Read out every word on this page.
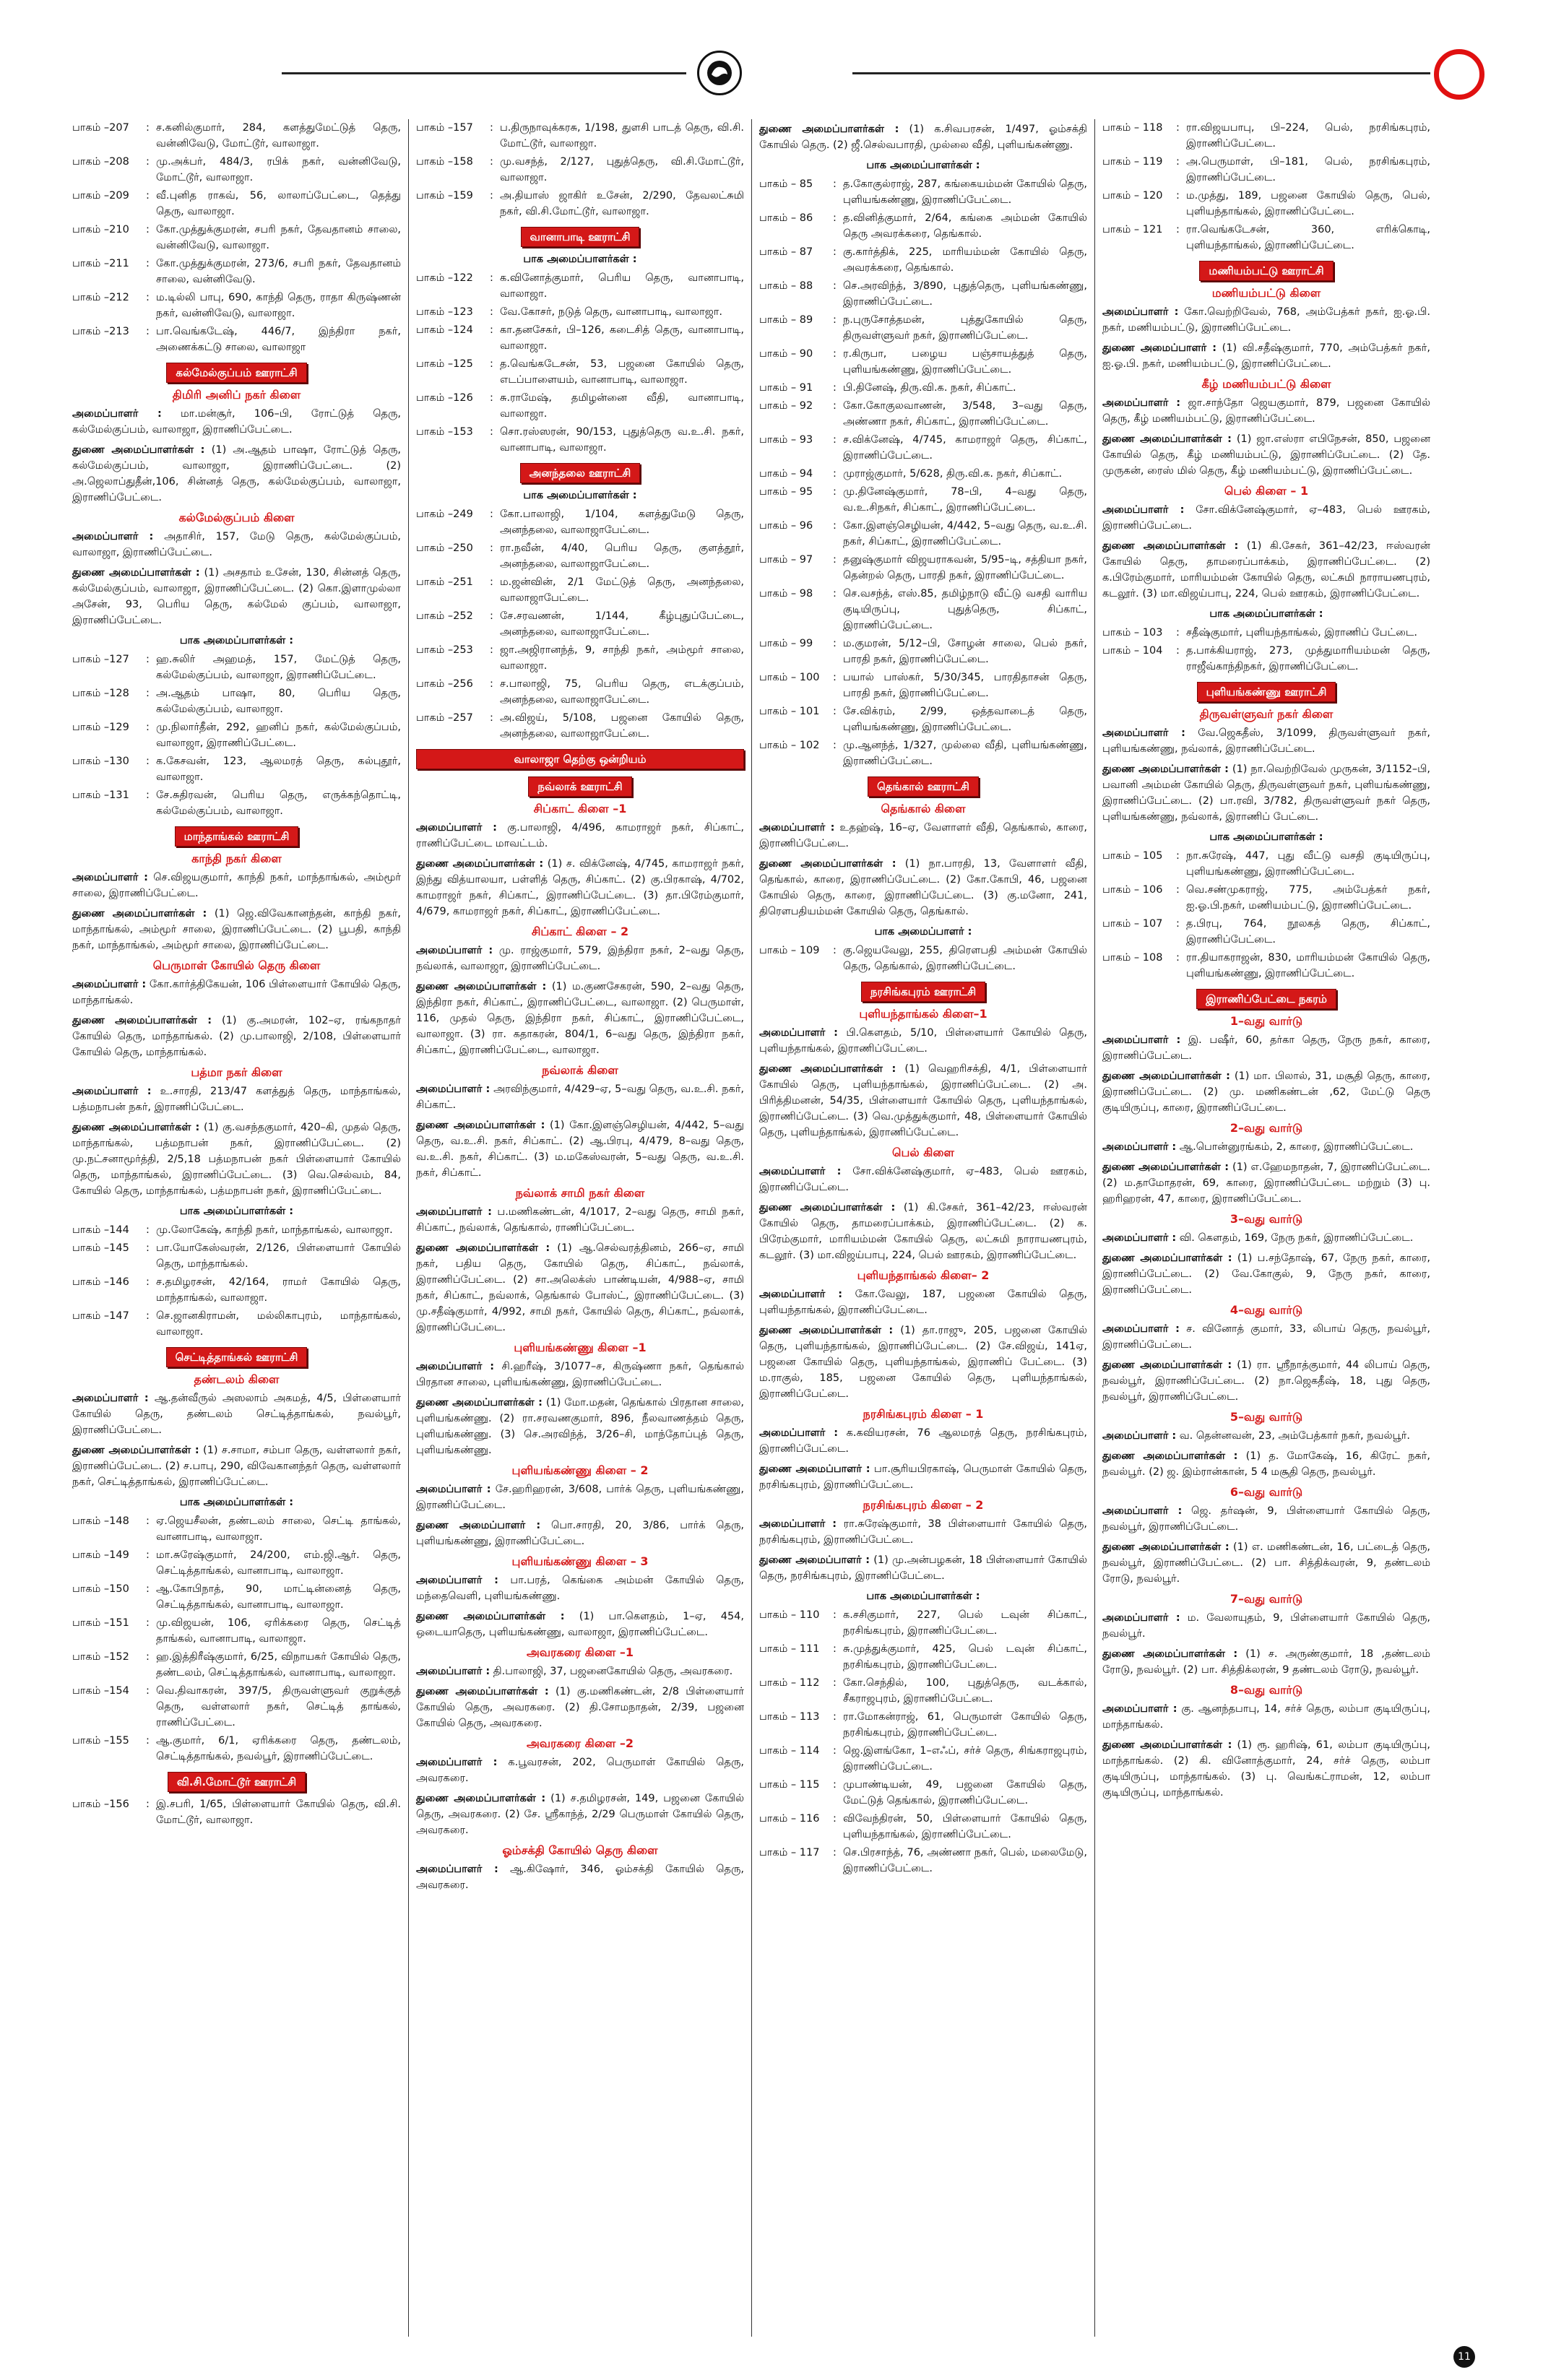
பாகம் –207	: ச.கனில்குமார், 284, களத்துமேட்டுத் தெரு, வன்னிவேடு, மோட்டூர், வாலாஜா.
பாகம் –208	: மு.அக்பர், 484/3, ரபிக் நகர், வன்னிவேடு, மோட்டூர், வாலாஜா.
பாகம் –209	: வீ.புனித ராகவ், 56, லாலாப்பேட்டை, தெத்து தெரு, வாலாஜா.
பாகம் –210	: கோ.முத்துக்குமரன், சபரி நகர், தேவதானம் சாலை, வன்னிவேடு, வாலாஜா.
பாகம் –211	: கோ.முத்துக்குமரன், 273/6, சபரி நகர், தேவதானம் சாலை, வன்னிவேடு.
பாகம் –212	: ம.டில்லி பாபு, 690, காந்தி தெரு, ராதா கிருஷ்ணன் நகர், வன்னிவேடு, வாலாஜா.
பாகம் –213	: பா.வெங்கடேஷ், 446/7, இந்திரா நகர், அணைக்கட்டு சாலை, வாலாஜா
கல்மேல்குப்பம் ஊராட்சி
திமிரி அனிப் நகர் கிளை
அமைப்பாளர் : மா.மன்சூர், 106–பி, ரோட்டுத் தெரு, கல்மேல்குப்பம், வாலாஜா, இராணிப்பேட்டை.
துணை அமைப்பாளர்கள் : (1) அ.ஆதம் பாஷா, ரோட்டுத் தெரு, கல்மேல்குப்பம், வாலாஜா, இராணிப்பேட்டை. (2) அ.ஜெலாப்துதீன்,106, சின்னத் தெரு, கல்மேல்குப்பம், வாலாஜா, இராணிப்பேட்டை.
கல்மேல்குப்பம் கிளை
அமைப்பாளர் : அதாசிர், 157, மேடு தெரு, கல்மேல்குப்பம், வாலாஜா, இராணிப்பேட்டை.
துணை அமைப்பாளர்கள் : (1) அசதாம் உசேன், 130, சின்னத் தெரு, கல்மேல்குப்பம், வாலாஜா, இராணிப்பேட்டை. (2) கொ.இளாமுல்லா அசேன், 93, பெரிய தெரு, கல்மேல் குப்பம், வாலாஜா, இராணிப்பேட்டை.
பாக அமைப்பாளர்கள் :
பாகம் –127	: ஹ.சுலிர் அஹமத், 157, மேட்டுத் தெரு, கல்மேல்குப்பம், வாலாஜா, இராணிப்பேட்டை.
பாகம் –128	: அ.ஆதம் பாஷா, 80, பெரிய தெரு, கல்மேல்குப்பம், வாலாஜா.
பாகம் –129	: மு.நிலார்தீன், 292, ஹனிப் நகர், கல்மேல்குப்பம், வாலாஜா, இராணிப்பேட்டை.
பாகம் –130	: க.கேசவன், 123, ஆலமரத் தெரு, கல்புதூர், வாலாஜா.
பாகம் –131	: சே.சுதிரவன், பெரிய தெரு, எருக்கந்தொட்டி, கல்மேல்குப்பம், வாலாஜா.
மாந்தாங்கல் ஊராட்சி
காந்தி நகர் கிளை
அமைப்பாளர் : செ.விஜயகுமார், காந்தி நகர், மாந்தாங்கல், அம்மூர் சாலை, இராணிப்பேட்டை.
துணை அமைப்பாளர்கள் : (1) ஜெ.விவேகானந்தன், காந்தி நகர், மாந்தாங்கல், அம்மூர் சாலை, இராணிப்பேட்டை. (2) பூபதி, காந்தி நகர், மாந்தாங்கல், அம்மூர் சாலை, இராணிப்பேட்டை.
பெருமாள் கோயில் தெரு கிளை
அமைப்பாளர் : கோ.கார்த்திகேயன், 106 பிள்ளையார் கோயில் தெரு, மாந்தாங்கல்.
துணை அமைப்பாளர்கள் : (1) கு.அமரன், 102–ஏ, ரங்கநாதர் கோயில் தெரு, மாந்தாங்கல். (2) மு.பாலாஜி, 2/108, பிள்ளையார் கோயில் தெரு, மாந்தாங்கல்.
பத்மா நகர் கிளை
அமைப்பாளர் : உ.சாரதி, 213/47 களத்துத் தெரு, மாந்தாங்கல், பத்மநாபன் நகர், இராணிப்பேட்டை.
துணை அமைப்பாளர்கள் : (1) கு.வசந்தகுமார், 420–கி, முதல் தெரு, மாந்தாங்கல், பத்மநாபன் நகர், இராணிப்பேட்டை. (2) மு.நட்சனாமூர்த்தி, 2/5,18 பத்மநாபன் நகர் பிள்ளையார் கோயில் தெரு, மாந்தாங்கல், இராணிப்பேட்டை. (3) வெ.செல்வம், 84, கோயில் தெரு, மாந்தாங்கல், பத்மநாபன் நகர், இராணிப்பேட்டை.
பாக அமைப்பாளர்கள் :
பாகம் –144	: மு.லோகேஷ், காந்தி நகர், மாந்தாங்கல், வாலாஜா.
பாகம் –145	: பா.யோகேஸ்வரன், 2/126, பிள்ளையார் கோயில் தெரு, மாந்தாங்கல்.
பாகம் –146	: ச.தமிழரசன், 42/164, ராமர் கோயில் தெரு, மாந்தாங்கல், வாலாஜா.
பாகம் –147	: செ.ஜானகிராமன், மல்லிகாபுரம், மாந்தாங்கல், வாலாஜா.
செட்டித்தாங்கல் ஊராட்சி
தண்டலம் கிளை
அமைப்பாளர் : ஆ.தன்வீருல் அஸலாம் அகமத், 4/5, பிள்ளையார் கோயில் தெரு, தண்டலம் செட்டித்தாங்கல், நவல்பூர், இராணிப்பேட்டை.
துணை அமைப்பாளர்கள் : (1) ச.சாமா, சம்பா தெரு, வள்ளலார் நகர், இராணிப்பேட்டை. (2) ச.பாபு, 290, விவேகானந்தர் தெரு, வள்ளலார் நகர், செட்டித்தாங்கல், இராணிப்பேட்டை.
பாக அமைப்பாளர்கள் :
பாகம் –148	: ஏ.ஜெயசீலன், தண்டலம் சாலை, செட்டி தாங்கல், வானாபாடி, வாலாஜா.
பாகம் –149	: மா.சுரேஷ்குமார், 24/200, எம்.ஜி.ஆர். தெரு, செட்டித்தாங்கல், வானாபாடி, வாலாஜா.
பாகம் –150	: ஆ.கோபிநாத், 90, மாட்டின்னைத் தெரு, செட்டித்தாங்கல், வானாபாடி, வாலாஜா.
பாகம் –151	: மு.விஜயன், 106, ஏரிக்கரை தெரு, செட்டித் தாங்கல், வானாபாடி, வாலாஜா.
பாகம் –152	: ஹ.இத்திரீஷ்குமார், 6/25, விநாயகர் கோயில் தெரு, தண்டலம், செட்டித்தாங்கல், வானாபாடி, வாலாஜா.
பாகம் –154	: வெ.திவாகரன், 397/5, திருவள்ளுவர் குறுக்குத் தெரு, வள்ளலார் நகர், செட்டித் தாங்கல், ராணிப்பேட்டை.
பாகம் –155	: ஆ.குமார், 6/1, ஏரிக்கரை தெரு, தண்டலம், செட்டித்தாங்கல், நவல்பூர், இராணிப்பேட்டை.
வி.சி.மோட்டூர் ஊராட்சி
பாகம் –156	: இ.சபரி, 1/65, பிள்ளையார் கோயில் தெரு, வி.சி. மோட்டூர், வாலாஜா.
பாகம் –157	: ப.திருநாவுக்கரசு, 1/198, துளசி பாடத் தெரு, வி.சி. மோட்டூர், வாலாஜா.
பாகம் –158	: மு.வசந்த், 2/127, புதுத்தெரு, வி.சி.மோட்டூர், வாலாஜா.
பாகம் –159	: அ.தியாஸ் ஜாகிர் உசேன், 2/290, தேவலட்சுமி நகர், வி.சி.மோட்டூர், வாலாஜா.
வானாபாடி ஊராட்சி
பாக அமைப்பாளர்கள் :
பாகம் –122	: க.வினோத்குமார், பெரிய தெரு, வானாபாடி, வாலாஜா.
பாகம் –123	: வே.கோசர், நடுத் தெரு, வானாபாடி, வாலாஜா.
பாகம் –124	: கா.தனசேகர், பி–126, கடைசித் தெரு, வானாபாடி, வாலாஜா.
பாகம் –125	: த.வெங்கடேசன், 53, பஜனை கோயில் தெரு, எடப்பாளையம், வானாபாடி, வாலாஜா.
பாகம் –126	: சு.ராமேஷ், தமிழன்னை வீதி, வானாபாடி, வாலாஜா.
பாகம் –153	: சொ.ரஸ்ஸரன், 90/153, புதுத்தெரு வ.உ.சி. நகர், வானாபாடி, வாலாஜா.
அனந்தலை ஊராட்சி
பாக அமைப்பாளர்கள் :
பாகம் –249	: கோ.பாலாஜி, 1/104, களத்துமேடு தெரு, அனந்தலை, வாலாஜாபேட்டை.
பாகம் –250	: ரா.நவீன், 4/40, பெரிய தெரு, குளத்தூர், அனந்தலை, வாலாஜாபேட்டை.
பாகம் –251	: ம.ஜன்வின், 2/1 மேட்டுத் தெரு, அனந்தலை, வாலாஜாபேட்டை.
பாகம் –252	: சே.சரவணன், 1/144, கீழ்புதுப்பேட்டை, அனந்தலை, வாலாஜாபேட்டை.
பாகம் –253	: ஜா.அஜிரானந்த், 9, சாந்தி நகர், அம்மூர் சாலை, வாலாஜா.
பாகம் –256	: ச.பாலாஜி, 75, பெரிய தெரு, எடக்குப்பம், அனந்தலை, வாலாஜாபேட்டை.
பாகம் –257	: அ.விஜய், 5/108, பஜனை கோயில் தெரு, அனந்தலை, வாலாஜாபேட்டை.
வாலாஜா தெற்கு ஒன்றியம்
நவ்லாக் ஊராட்சி
சிப்காட் கிளை –1
அமைப்பாளர் : கு.பாலாஜி, 4/496, காமராஜர் நகர், சிப்காட், ராணிப்பேட்டை மாவட்டம்.
துணை அமைப்பாளர்கள் : (1) ச. விக்னேஷ், 4/745, காமராஜர் நகர், இந்து வித்யாலயா, பள்ளித் தெரு, சிப்காட். (2) கு.பிரகாஷ், 4/702, காமராஜர் நகர், சிப்காட், இராணிப்பேட்டை. (3) தா.பிரேம்குமார், 4/679, காமராஜர் நகர், சிப்காட், இராணிப்பேட்டை.
சிப்காட் கிளை – 2
அமைப்பாளர் : மு. ராஜ்குமார், 579, இந்திரா நகர், 2–வது தெரு, நவ்லாக், வாலாஜா, இராணிப்பேட்டை.
துணை அமைப்பாளர்கள் : (1) ம.குணசேகரன், 590, 2–வது தெரு, இந்திரா நகர், சிப்காட், இராணிப்பேட்டை, வாலாஜா. (2) பெருமாள், 116, முதல் தெரு, இந்திரா நகர், சிப்காட், இராணிப்பேட்டை, வாலாஜா. (3) ரா. கதாகரன், 804/1, 6–வது தெரு, இந்திரா நகர், சிப்காட், இராணிப்பேட்டை, வாலாஜா.
நவ்லாக் கிளை
அமைப்பாளர் : அரவிந்குமார், 4/429–ஏ, 5–வது தெரு, வ.உ.சி. நகர், சிப்காட்.
துணை அமைப்பாளர்கள் : (1) கோ.இளஞ்செழியன், 4/442, 5–வது தெரு, வ.உ.சி. நகர், சிப்காட். (2) ஆ.பிரபு, 4/479, 8–வது தெரு, வ.உ.சி. நகர், சிப்காட். (3) ம.மகேஸ்வரன், 5–வது தெரு, வ.உ.சி. நகர், சிப்காட்.
நவ்லாக் சாமி நகர் கிளை
அமைப்பாளர் : ப.மணிகண்டன், 4/1017, 2–வது தெரு, சாமி நகர், சிப்காட், நவ்லாக், தெங்கால், ராணிப்பேட்டை.
துணை அமைப்பாளர்கள் : (1) ஆ.செல்வரத்தினம், 266–ஏ, சாமி நகர், பதிய தெரு, கோயில் தெரு, சிப்காட், நவ்லாக், இராணிப்பேட்டை. (2) சா.அலெக்ஸ் பாண்டியன், 4/988–ஏ, சாமி நகர், சிப்காட், நவ்லாக், தெங்கால் போஸ்ட், இராணிப்பேட்டை. (3) மு.சதீஷ்குமார், 4/992, சாமி நகர், கோயில் தெரு, சிப்காட், நவ்லாக், இராணிப்பேட்டை.
புளியங்கண்ணு கிளை –1
அமைப்பாளர் : சி.ஹரீஷ், 3/1077–ச, கிருஷ்ணா நகர், தெங்கால் பிரதான சாலை, புளியங்கண்ணு, இராணிப்பேட்டை.
துணை அமைப்பாளர்கள் : (1) மோ.மதன், தெங்கால் பிரதான சாலை, புளியங்கண்ணு. (2) ரா.சரவணகுமார், 896, நீலவாணத்தம் தெரு, புளியங்கண்ணு. (3) செ.அரவிந்த், 3/26–சி, மாந்தோப்புத் தெரு, புளியங்கண்ணு.
புளியங்கண்ணு கிளை – 2
அமைப்பாளர் : சே.ஹரிஹரன், 3/608, பார்க் தெரு, புளியங்கண்ணு, இராணிப்பேட்டை.
துணை அமைப்பாளர் : பொ.சாரதி, 20, 3/86, பார்க் தெரு, புளியங்கண்ணு, இராணிப்பேட்டை.
புளியங்கண்ணு கிளை – 3
அமைப்பாளர் : பா.பரத், கெங்கை அம்மன் கோயில் தெரு, மந்தைவெளி, புளியங்கண்ணு.
துணை அமைப்பாளர்கள் : (1) பா.கௌதம், 1–ஏ, 454, ஒடையாதெரு, புளியங்கண்ணு, வாலாஜா, இராணிப்பேட்டை.
அவரகரை கிளை –1
அமைப்பாளர் : தி.பாலாஜி, 37, பஜனைகோயில் தெரு, அவரகரை.
துணை அமைப்பாளர்கள் : (1) கு.மணிகண்டன், 2/8 பிள்ளையார் கோயில் தெரு, அவரகரை. (2) தி.சோமநாதன், 2/39, பஜனை கோயில் தெரு, அவரகரை.
அவரகரை கிளை –2
அமைப்பாளர் : க.பூவரசன், 202, பெருமாள் கோயில் தெரு, அவரகரை.
துணை அமைப்பாளர்கள் : (1) ச.தமிழரசன், 149, பஜனை கோயில் தெரு, அவரகரை. (2) சே. ஸ்ரீகாந்த், 2/29 பெருமாள் கோயில் தெரு, அவரகரை.
ஓம்சக்தி கோயில் தெரு கிளை
அமைப்பாளர் : ஆ.கிஷோர், 346, ஓம்சக்தி கோயில் தெரு, அவரகரை.
துணை அமைப்பாளர்கள் : (1) க.சிவபரசன், 1/497, ஓம்சக்தி கோயில் தெரு. (2) ஜீ.செல்வபாரதி, முல்லை வீதி, புளியங்கண்ணு.
பாக அமைப்பாளர்கள் :
பாகம் – 85	: த.கோகுல்ராஜ், 287, கங்கையம்மன் கோயில் தெரு, புளியங்கண்ணு, இராணிப்பேட்டை.
பாகம் – 86	: த.வினித்குமார், 2/64, கங்கை அம்மன் கோயில் தெரு அவரக்கரை, தெங்கால்.
பாகம் – 87	: கு.கார்த்திக், 225, மாரியம்மன் கோயில் தெரு, அவரக்கரை, தெங்கால்.
பாகம் – 88	: செ.அரவிந்த், 3/890, புதுத்தெரு, புளியங்கண்ணு, இராணிப்பேட்டை.
பாகம் – 89	: ந.புருசோத்தமன், புத்துகோயில் தெரு, திருவள்ளுவர் நகர், இராணிப்பேட்டை.
பாகம் – 90	: ர.கிருபா, பழைய பஞ்சாயத்துத் தெரு, புளியங்கண்ணு, இராணிப்பேட்டை.
பாகம் – 91	: பி.தினேஷ், திரு.வி.க. நகர், சிப்காட்.
பாகம் – 92	: கோ.கோகுலவாணன், 3/548, 3–வது தெரு, அண்ணா நகர், சிப்காட், இராணிப்பேட்டை.
பாகம் – 93	: ச.விக்னேஷ், 4/745, காமராஜர் தெரு, சிப்காட், இராணிப்பேட்டை.
பாகம் – 94	: முராஜ்குமார், 5/628, திரு.வி.க. நகர், சிப்காட்.
பாகம் – 95	: மு.தினேஷ்குமார், 78–பி, 4–வது தெரு, வ.உ.சிநகர், சிப்காட், இராணிப்பேட்டை.
பாகம் – 96	: கோ.இளஞ்செழியன், 4/442, 5–வது தெரு, வ.உ.சி. நகர், சிப்காட், இராணிப்பேட்டை.
பாகம் – 97	: தனுஷ்குமார் விஜயராகவன், 5/95–டி, சத்தியா நகர், தென்றல் தெரு, பாரதி நகர், இராணிப்பேட்டை.
பாகம் – 98	: செ.வசந்த், எஸ்.85, தமிழ்நாடு வீட்டு வசதி வாரிய குடியிருப்பு, புதுத்தெரு, சிப்காட், இராணிப்பேட்டை.
பாகம் – 99	: ம.குமரன், 5/12–பி, சோழன் சாலை, பெல் நகர், பாரதி நகர், இராணிப்பேட்டை.
பாகம் – 100	: பயால் பாஸ்கர், 5/30/345, பாரதிதாசன் தெரு, பாரதி நகர், இராணிப்பேட்டை.
பாகம் – 101	: சே.விக்ரம், 2/99, ஒத்தவாடைத் தெரு, புளியங்கண்ணு, இராணிப்பேட்டை.
பாகம் – 102	: மு.ஆனந்த், 1/327, முல்லை வீதி, புளியங்கண்ணு, இராணிப்பேட்டை.
தெங்கால் ஊராட்சி
தெங்கால் கிளை
அமைப்பாளர் : உதஹ்ஷ், 16–ஏ, வேளாளர் வீதி, தெங்கால், காரை, இராணிப்பேட்டை.
துணை அமைப்பாளர்கள் : (1) நா.பாரதி, 13, வேளாளர் வீதி, தெங்கால், காரை, இராணிப்பேட்டை. (2) கோ.கோபி, 46, பஜனை கோயில் தெரு, காரை, இராணிப்பேட்டை. (3) கு.மனோ, 241, திரௌபதியம்மன் கோயில் தெரு, தெங்கால்.
பாக அமைப்பாளர் :
பாகம் – 109	: கு.ஜெயவேலு, 255, திரௌபதி அம்மன் கோயில் தெரு, தெங்கால், இராணிப்பேட்டை.
நரசிங்கபுரம் ஊராட்சி
புளியந்தாங்கல் கிளை–1
அமைப்பாளர் : பி.கௌதம், 5/10, பிள்ளையார் கோயில் தெரு, புளியந்தாங்கல், இராணிப்பேட்டை.
துணை அமைப்பாளர்கள் : (1) வெஹரிசக்தி, 4/1, பிள்ளையார் கோயில் தெரு, புளியந்தாங்கல், இராணிப்பேட்டை. (2) அ. பிரித்திமனன், 54/35, பிள்ளையார் கோயில் தெரு, புளியந்தாங்கல், இராணிப்பேட்டை. (3) வெ.முத்துக்குமார், 48, பிள்ளையார் கோயில் தெரு, புளியந்தாங்கல், இராணிப்பேட்டை.
பெல் கிளை
அமைப்பாளர் : சோ.விக்னேஷ்குமார், ஏ–483, பெல் ஊரகம், இராணிப்பேட்டை.
துணை அமைப்பாளர்கள் : (1) கி.சேகர், 361–42/23, ஈஸ்வரன் கோயில் தெரு, தாமரைப்பாக்கம், இராணிப்பேட்டை. (2) க. பிரேம்குமார், மாரியம்மன் கோயில் தெரு, லட்சுமி நாராயணபுரம், கடலூர். (3) மா.விஜய்பாபு, 224, பெல் ஊரகம், இராணிப்பேட்டை.
புளியந்தாங்கல் கிளை– 2
அமைப்பாளர் : கோ.வேலு, 187, பஜனை கோயில் தெரு, புளியந்தாங்கல், இராணிப்பேட்டை.
துணை அமைப்பாளர்கள் : (1) தா.ராஜு, 205, பஜனை கோயில் தெரு, புளியந்தாங்கல், இராணிப்பேட்டை. (2) சே.விஜய், 141ஏ, பஜனை கோயில் தெரு, புளியந்தாங்கல், இராணிப் பேட்டை. (3) ம.ராகுல், 185, பஜனை கோயில் தெரு, புளியந்தாங்கல், இராணிப்பேட்டை.
நரசிங்கபுரம் கிளை – 1
அமைப்பாளர் : க.கவியரசன், 76 ஆலமரத் தெரு, நரசிங்கபுரம், இராணிப்பேட்டை.
துணை அமைப்பாளர் : பா.சூரியபிரகாஷ், பெருமாள் கோயில் தெரு, நரசிங்கபுரம், இராணிப்பேட்டை.
நரசிங்கபுரம் கிளை – 2
அமைப்பாளர் : ரா.சுரேஷ்குமார், 38 பிள்ளையார் கோயில் தெரு, நரசிங்கபுரம், இராணிப்பேட்டை.
துணை அமைப்பாளர் : (1) மு.அன்பழகன், 18 பிள்ளையார் கோயில் தெரு, நரசிங்கபுரம், இராணிப்பேட்டை.
பாக அமைப்பாளர்கள் :
பாகம் – 110	: க.சசிகுமார், 227, பெல் டவுன் சிப்காட், நரசிங்கபுரம், இராணிப்பேட்டை.
பாகம் – 111	: சு.முத்துக்குமார், 425, பெல் டவுன் சிப்காட், நரசிங்கபுரம், இராணிப்பேட்டை.
பாகம் – 112	: கோ.செந்தில், 100, புதுத்தெரு, வடக்கால், சீகராஜபுரம், இராணிப்பேட்டை.
பாகம் – 113	: ரா.மோகன்ராஜ், 61, பெருமாள் கோயில் தெரு, நரசிங்கபுரம், இராணிப்பேட்டை.
பாகம் – 114	: ஜெ.இளங்கோ, 1–எஃப், சர்ச் தெரு, சிங்கராஜபுரம், இராணிப்பேட்டை.
பாகம் – 115	: முபாண்டியன், 49, பஜனை கோயில் தெரு, மேட்டுத் தெங்கால், இராணிப்பேட்டை.
பாகம் – 116	: விவேந்திரன், 50, பிள்ளையார் கோயில் தெரு, புளியந்தாங்கல், இராணிப்பேட்டை.
பாகம் – 117	: செ.பிரசாந்த், 76, அண்ணா நகர், பெல், மலைமேடு, இராணிப்பேட்டை.
பாகம் – 118	: ரா.விஜயபாபு, பி–224, பெல், நரசிங்கபுரம், இராணிப்பேட்டை.
பாகம் – 119	: அ.பெருமாள், பி–181, பெல், நரசிங்கபுரம், இராணிப்பேட்டை.
பாகம் – 120	: ம.முத்து, 189, பஜனை கோயில் தெரு, பெல், புளியந்தாங்கல், இராணிப்பேட்டை.
பாகம் – 121	: ரா.வெங்கடேசன், 360, எரிக்கொடி, புளியந்தாங்கல், இராணிப்பேட்டை.
மணியம்பட்டு ஊராட்சி
மணியம்பட்டு கிளை
அமைப்பாளர் : கோ.வெற்றிவேல், 768, அம்பேத்கர் நகர், ஐ.ஓ.பி. நகர், மணியம்பட்டு, இராணிப்பேட்டை.
துணை அமைப்பாளர் : (1) வி.சதீஷ்குமார், 770, அம்பேத்கர் நகர், ஐ.ஓ.பி. நகர், மணியம்பட்டு, இராணிப்பேட்டை.
கீழ் மணியம்பட்டு கிளை
அமைப்பாளர் : ஜா.சாந்தோ ஜெயகுமார், 879, பஜனை கோயில் தெரு, கீழ் மணியம்பட்டு, இராணிப்பேட்டை.
துணை அமைப்பாளர்கள் : (1) ஜா.எஸ்ரா எபிநேசன், 850, பஜனை கோயில் தெரு, கீழ் மணியம்பட்டு, இராணிப்பேட்டை. (2) தே. முருகன், ரைஸ் மில் தெரு, கீழ் மணியம்பட்டு, இராணிப்பேட்டை.
பெல் கிளை – 1
அமைப்பாளர் : சோ.விக்னேஷ்குமார், ஏ–483, பெல் ஊரகம், இராணிப்பேட்டை.
துணை அமைப்பாளர்கள் : (1) கி.சேகர், 361–42/23, ஈஸ்வரன் கோயில் தெரு, தாமரைப்பாக்கம், இராணிப்பேட்டை. (2) க.பிரேம்குமார், மாரியம்மன் கோயில் தெரு, லட்சுமி நாராயணபுரம், கடலூர். (3) மா.விஜய்பாபு, 224, பெல் ஊரகம், இராணிப்பேட்டை.
பாக அமைப்பாளர்கள் :
பாகம் – 103	: சதீஷ்குமார், புளியந்தாங்கல், இராணிப் பேட்டை.
பாகம் – 104	: த.பாக்கியராஜ், 273, முத்துமாரியம்மன் தெரு, ராஜீவ்காந்திநகர், இராணிப்பேட்டை.
புளியங்கண்ணு ஊராட்சி
திருவள்ளுவர் நகர் கிளை
அமைப்பாளர் : வே.ஜெகதீஸ், 3/1099, திருவள்ளுவர் நகர், புளியங்கண்ணு, நவ்லாக், இராணிப்பேட்டை.
துணை அமைப்பாளர்கள் : (1) நா.வெற்றிவேல் முருகன், 3/1152–பி, பவானி அம்மன் கோயில் தெரு, திருவள்ளுவர் நகர், புளியங்கண்ணு, இராணிப்பேட்டை. (2) பா.ரவி, 3/782, திருவள்ளுவர் நகர் தெரு, புளியங்கண்ணு, நவ்லாக், இராணிப் பேட்டை.
பாக அமைப்பாளர்கள் :
பாகம் – 105	: நா.சுரேஷ், 447, புது வீட்டு வசதி குடியிருப்பு, புளியங்கண்ணு, இராணிப்பேட்டை.
பாகம் – 106	: வெ.சண்முகராஜ், 775, அம்பேத்கர் நகர், ஐ.ஓ.பி.நகர், மணியம்பட்டு, இராணிப்பேட்டை.
பாகம் – 107	: த.பிரபு, 764, நூலகத் தெரு, சிப்காட், இராணிப்பேட்டை.
பாகம் – 108	: ரா.தியாகராஜன், 830, மாரியம்மன் கோயில் தெரு, புளியங்கண்ணு, இராணிப்பேட்டை.
இராணிப்பேட்டை நகரம்
1–வது வார்டு
அமைப்பாளர் : இ. பஷீர், 60, தர்கா தெரு, நேரு நகர், காரை, இராணிப்பேட்டை.
துணை அமைப்பாளர்கள் : (1) மா. பிலால், 31, மசூதி தெரு, காரை, இராணிப்பேட்டை. (2) மு. மணிகண்டன் ,62, மேட்டு தெரு குடியிருப்பு, காரை, இராணிப்பேட்டை.
2–வது வார்டு
அமைப்பாளர் : ஆ.பொன்னுரங்கம், 2, காரை, இராணிப்பேட்டை.
துணை அமைப்பாளர்கள் : (1) எ.ஹேமநாதன், 7, இராணிப்பேட்டை. (2) ம.தாமோதரன், 69, காரை, இராணிப்பேட்டை மற்றும் (3) பு. ஹரிஹரன், 47, காரை, இராணிப்பேட்டை.
3–வது வார்டு
அமைப்பாளர் : வி. கௌதம், 169, நேரு நகர், இராணிப்பேட்டை.
துணை அமைப்பாளர்கள் : (1) ப.சந்தோஷ், 67, நேரு நகர், காரை, இராணிப்பேட்டை. (2) வே.கோகுல், 9, நேரு நகர், காரை, இராணிப்பேட்டை.
4–வது வார்டு
அமைப்பாளர் : ச. வினோத் குமார், 33, லிபாய் தெரு, நவல்பூர், இராணிப்பேட்டை.
துணை அமைப்பாளர்கள் : (1) ரா. ஸ்ரீநாத்குமார், 44 லிபாய் தெரு, நவல்பூர், இராணிப்பேட்டை. (2) நா.ஜெகதீஷ், 18, புது தெரு, நவல்பூர், இராணிப்பேட்டை.
5–வது வார்டு
அமைப்பாளர் : வ. தென்னவன், 23, அம்பேத்கார் நகர், நவல்பூர்.
துணை அமைப்பாளர்கள் : (1) த. மோகேஷ், 16, கிரேட் நகர், நவல்பூர். (2) ஜ. இம்ரான்கான், 5 4 மசூதி தெரு, நவல்பூர்.
6–வது வார்டு
அமைப்பாளர் : ஜெ. தர்ஷன், 9, பிள்ளையார் கோயில் தெரு, நவல்பூர், இராணிப்பேட்டை.
துணை அமைப்பாளர்கள் : (1) எ. மணிகண்டன், 16, பட்டைத் தெரு, நவல்பூர், இராணிப்பேட்டை. (2) பா. சித்திக்வரன், 9, தண்டலம் ரோடு, நவல்பூர்.
7–வது வார்டு
அமைப்பாளர் : ம. வேலாயுதம், 9, பிள்ளையார் கோயில் தெரு, நவல்பூர்.
துணை அமைப்பாளர்கள் : (1) ச. அருண்குமார், 18 ,தண்டலம் ரோடு, நவல்பூர். (2) பா. சித்திக்லரன், 9 தண்டலம் ரோடு, நவல்பூர்.
8–வது வார்டு
அமைப்பாளர் : கு. ஆனந்தபாபு, 14, சர்ச் தெரு, லம்பா குடியிருப்பு, மாந்தாங்கல்.
துணை அமைப்பாளர்கள் : (1) ரூ. ஹரிஷ், 61, லம்பா குடியிருப்பு, மாந்தாங்கல். (2) கி. வினோத்குமார், 24, சர்ச் தெரு, லம்பா குடியிருப்பு, மாந்தாங்கல். (3) பு. வெங்கட்ராமன், 12, லம்பா குடியிருப்பு, மாந்தாங்கல்.
11
